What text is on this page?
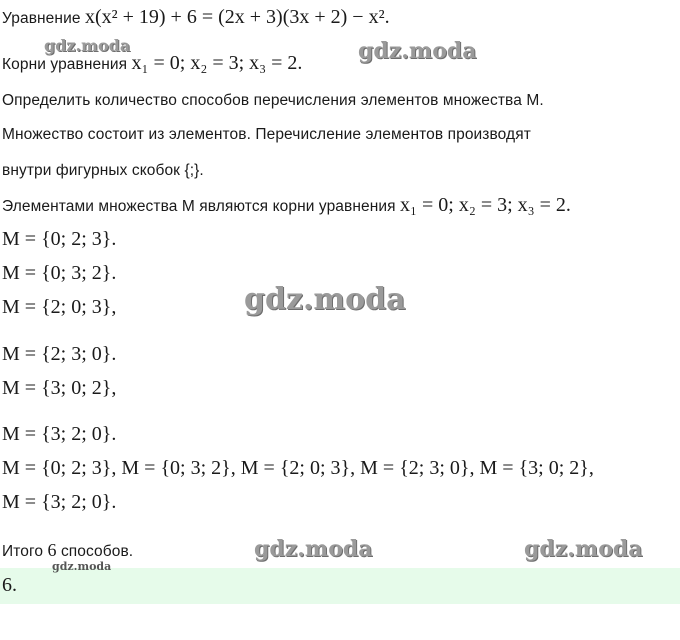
Уравнение x(x² + 19) + 6 = (2x + 3)(3x + 2) − x².
Корни уравнения x₁ = 0; x₂ = 3; x₃ = 2.
Определить количество способов перечисления элементов множества М.
Множество состоит из элементов. Перечисление элементов производят
внутри фигурных скобок {;}.
Элементами множества М являются корни уравнения x₁ = 0; x₂ = 3; x₃ = 2.
M = {0; 2; 3}.
M = {0; 3; 2}.
M = {2; 0; 3},
M = {2; 3; 0}.
M = {3; 0; 2},
M = {3; 2; 0}.
M = {0; 2; 3}, M = {0; 3; 2}, M = {2; 0; 3}, M = {2; 3; 0}, M = {3; 0; 2},
M = {3; 2; 0}.
Итого 6 способов.
6.
gdz.moda	gdz.moda
gdz.moda
gdz.moda	gdz.moda
gdz.moda
